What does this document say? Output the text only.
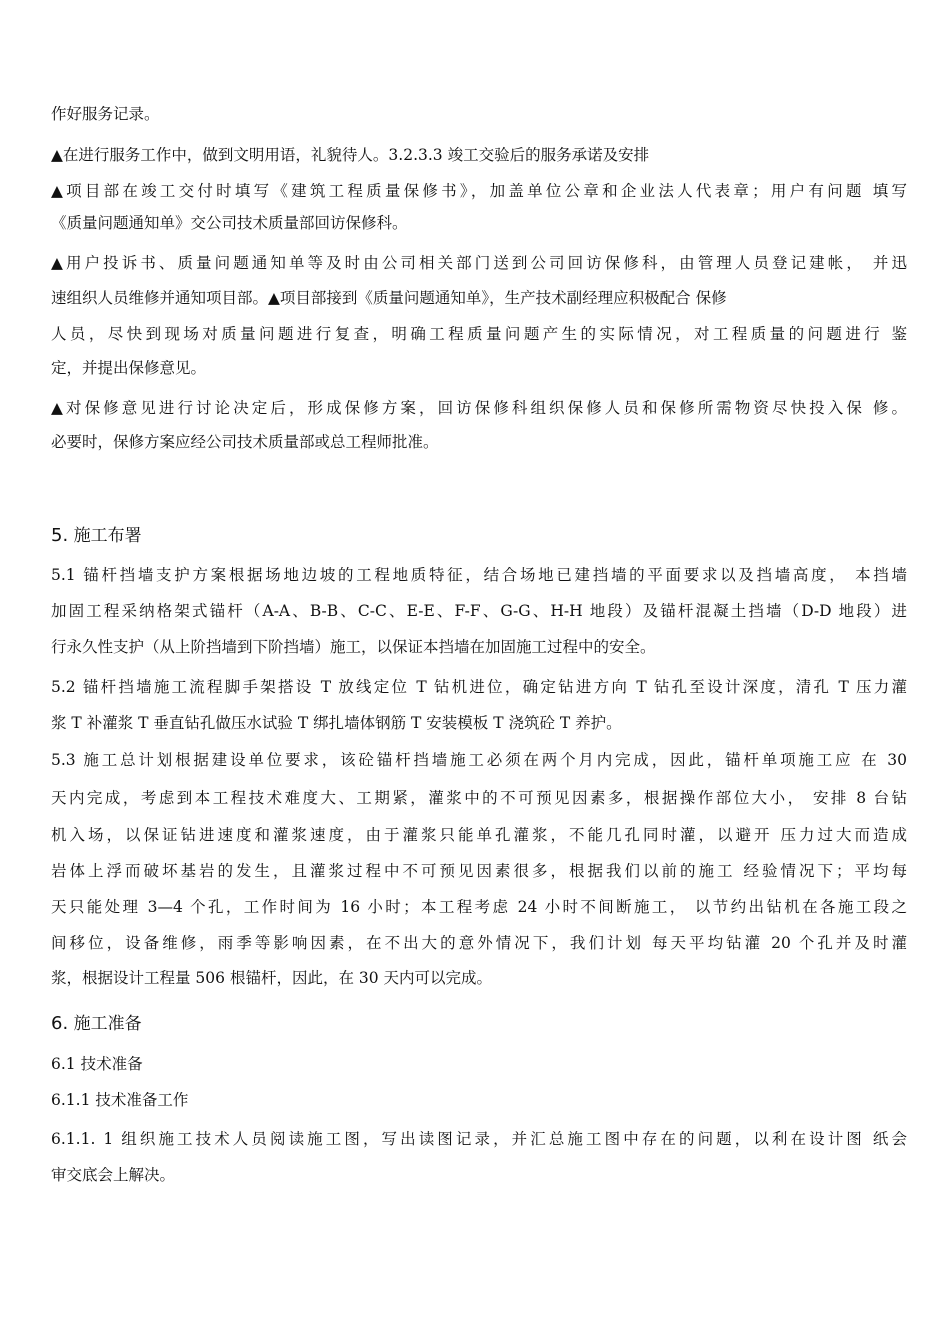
作好服务记录。
▲在进行服务工作中，做到文明用语，礼貌待人。3.2.3.3 竣工交验后的服务承诺及安排
▲项目部在竣工交付时填写《建筑工程质量保修书》，加盖单位公章和企业法人代表章；用户有问题 填写
《质量问题通知单》交公司技术质量部回访保修科。
▲用户投诉书、质量问题通知单等及时由公司相关部门送到公司回访保修科，由管理人员登记建帐， 并迅
速组织人员维修并通知项目部。▲项目部接到《质量问题通知单》，生产技术副经理应积极配合 保修
人员，尽快到现场对质量问题进行复查，明确工程质量问题产生的实际情况，对工程质量的问题进行 鉴
定，并提出保修意见。
▲对保修意见进行讨论决定后，形成保修方案，回访保修科组织保修人员和保修所需物资尽快投入保 修。
必要时，保修方案应经公司技术质量部或总工程师批准。
5. 施工布署
5.1 锚杆挡墙支护方案根据场地边坡的工程地质特征，结合场地已建挡墙的平面要求以及挡墙高度， 本挡墙
加固工程采纳格架式锚杆（A-A、B-B、C-C、E-E、F-F、G-G、H-H 地段）及锚杆混凝土挡墙（D-D 地段）进
行永久性支护（从上阶挡墙到下阶挡墙）施工，以保证本挡墙在加固施工过程中的安全。
5.2 锚杆挡墙施工流程脚手架搭设 T 放线定位 T 钻机进位，确定钻进方向 T 钻孔至设计深度，清孔 T 压力灌
浆 T 补灌浆 T 垂直钻孔做压水试验 T 绑扎墙体钢筋 T 安装模板 T 浇筑砼 T 养护。
5.3 施工总计划根据建设单位要求，该砼锚杆挡墙施工必须在两个月内完成，因此，锚杆单项施工应 在 30
天内完成，考虑到本工程技术难度大、工期紧，灌浆中的不可预见因素多，根据操作部位大小， 安排 8 台钻
机入场，以保证钻进速度和灌浆速度，由于灌浆只能单孔灌浆，不能几孔同时灌，以避开 压力过大而造成
岩体上浮而破坏基岩的发生，且灌浆过程中不可预见因素很多，根据我们以前的施工 经验情况下；平均每
天只能处理 3—4 个孔，工作时间为 16 小时；本工程考虑 24 小时不间断施工， 以节约出钻机在各施工段之
间移位，设备维修，雨季等影响因素，在不出大的意外情况下，我们计划 每天平均钻灌 20 个孔并及时灌
浆，根据设计工程量 506 根锚杆，因此，在 30 天内可以完成。
6. 施工准备
6.1 技术准备
6.1.1 技术准备工作
6.1.1. 1 组织施工技术人员阅读施工图，写出读图记录，并汇总施工图中存在的问题，以利在设计图 纸会
审交底会上解决。
